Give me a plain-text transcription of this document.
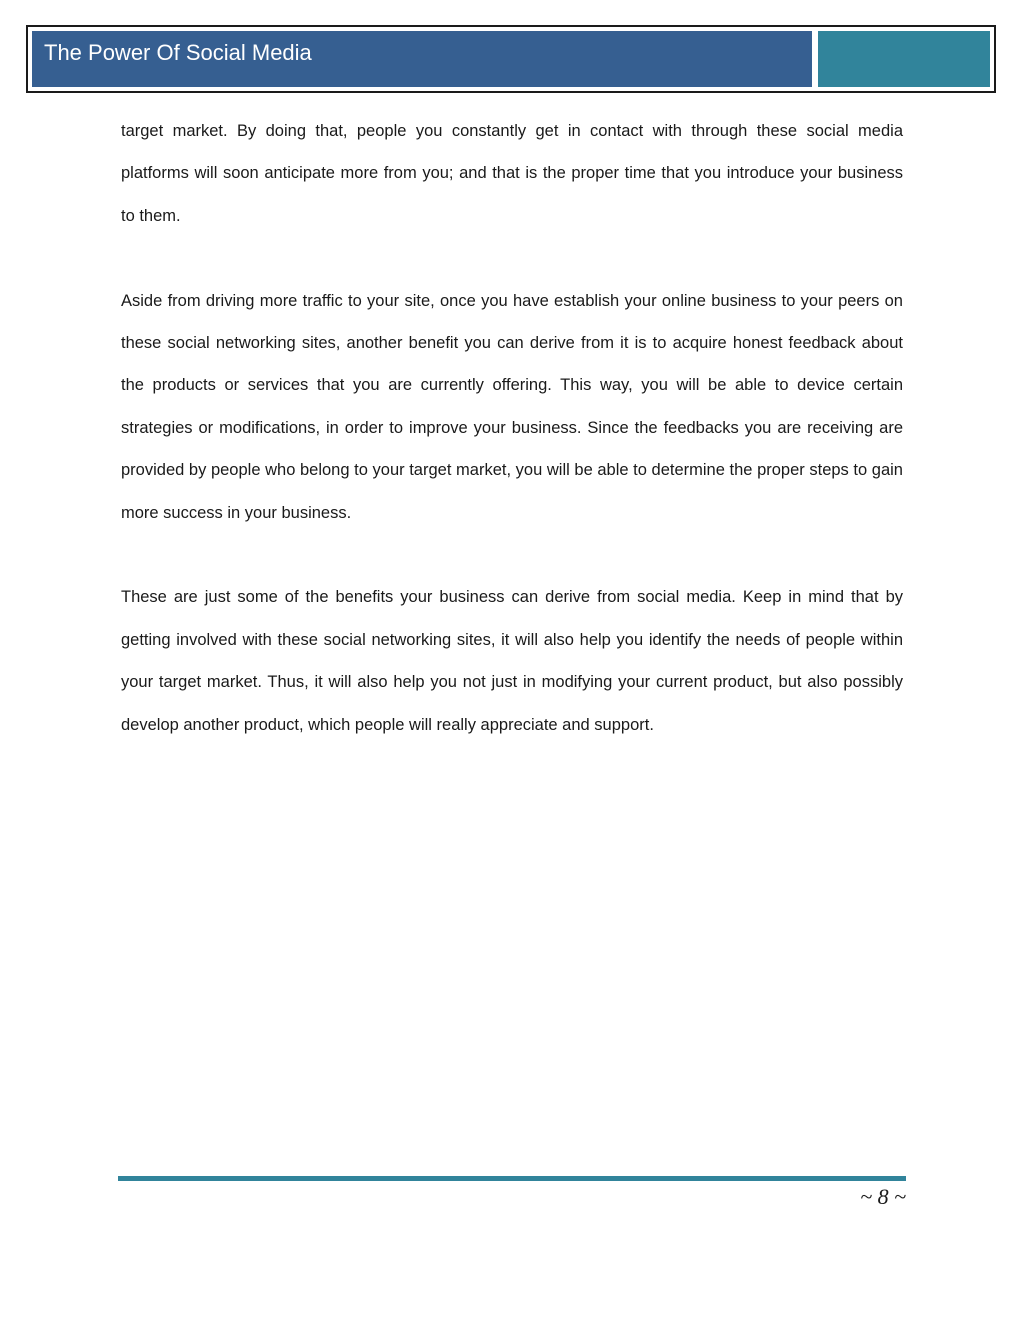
The Power Of Social Media

target market. By doing that, people you constantly get in contact with through these social media platforms will soon anticipate more from you; and that is the proper time that you introduce your business to them.

Aside from driving more traffic to your site, once you have establish your online business to your peers on these social networking sites, another benefit you can derive from it is to acquire honest feedback about the products or services that you are currently offering. This way, you will be able to device certain strategies or modifications, in order to improve your business. Since the feedbacks you are receiving are provided by people who belong to your target market, you will be able to determine the proper steps to gain more success in your business.

These are just some of the benefits your business can derive from social media. Keep in mind that by getting involved with these social networking sites, it will also help you identify the needs of people within your target market. Thus, it will also help you not just in modifying your current product, but also possibly develop another product, which people will really appreciate and support.

~ 8 ~
